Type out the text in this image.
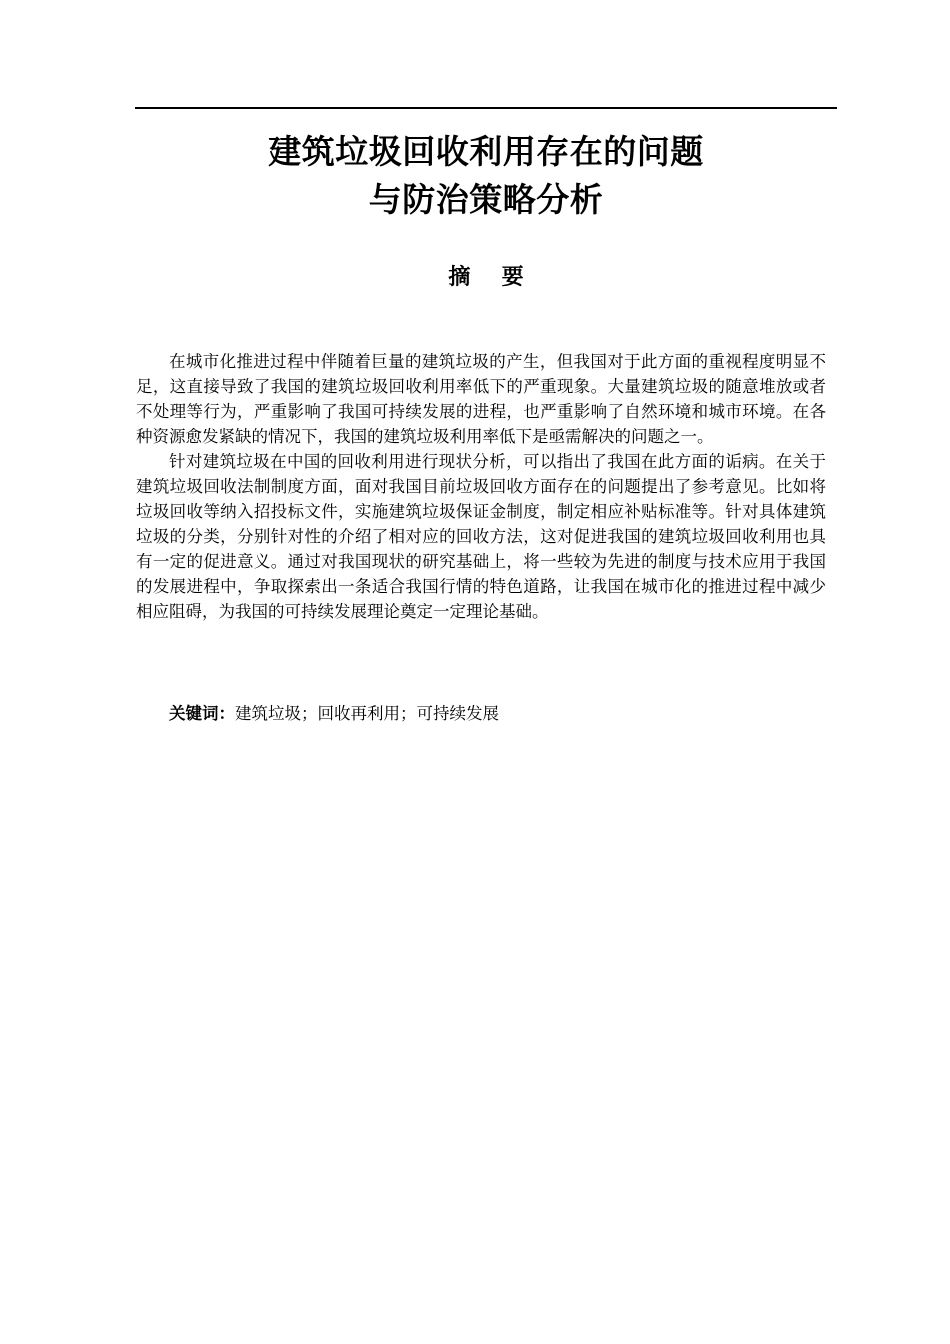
建筑垃圾回收利用存在的问题
与防治策略分析
摘  要

在城市化推进过程中伴随着巨量的建筑垃圾的产生，但我国对于此方面的重视程度明显不足，这直接导致了我国的建筑垃圾回收利用率低下的严重现象。大量建筑垃圾的随意堆放或者不处理等行为，严重影响了我国可持续发展的进程，也严重影响了自然环境和城市环境。在各种资源愈发紧缺的情况下，我国的建筑垃圾利用率低下是亟需解决的问题之一。

针对建筑垃圾在中国的回收利用进行现状分析，可以指出了我国在此方面的诟病。在关于建筑垃圾回收法制制度方面，面对我国目前垃圾回收方面存在的问题提出了参考意见。比如将垃圾回收等纳入招投标文件，实施建筑垃圾保证金制度，制定相应补贴标准等。针对具体建筑垃圾的分类，分别针对性的介绍了相对应的回收方法，这对促进我国的建筑垃圾回收利用也具有一定的促进意义。通过对我国现状的研究基础上，将一些较为先进的制度与技术应用于我国的发展进程中，争取探索出一条适合我国行情的特色道路，让我国在城市化的推进过程中减少相应阻碍，为我国的可持续发展理论奠定一定理论基础。

关键词：建筑垃圾；回收再利用；可持续发展
